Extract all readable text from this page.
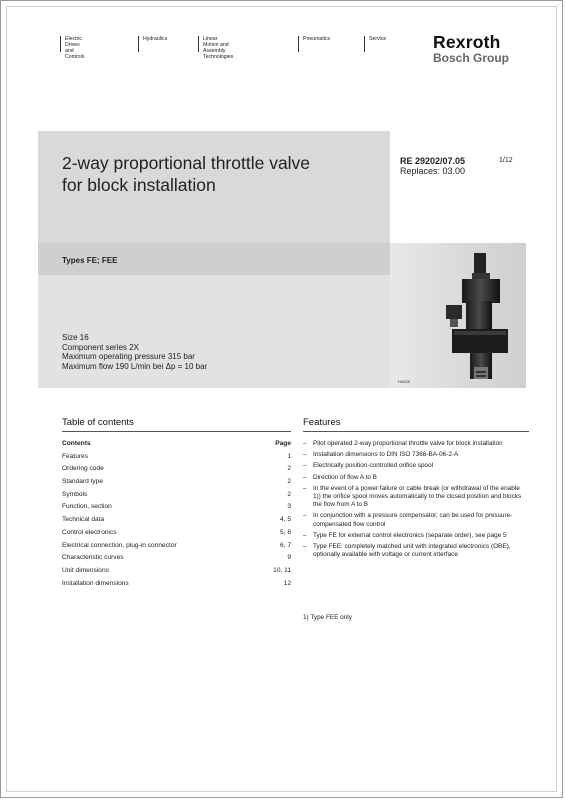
Electric Drives
and Controls
Hydraulics	Linear Motion and
Assembly Technologies
Pneumatics	Service	Rexroth
Bosch Group
2-way proportional throttle valve
for block installation
RE 29202/07.05
Replaces: 03.00
1/12
Types FE; FEE
Size 16
Component series 2X
Maximum operating pressure 315 bar
Maximum flow 190 L/min bei Δp = 10 bar
H4538
Table of contents
Contents	Page
Features	1
Ordering code	2
Standard type	2
Symbols	2
Function, section	3
Technical data	4, 5
Control electronics	5, 8
Electrical connection, plug-in connector	6, 7
Characteristic curves	9
Unit dimensions	10, 11
Installation dimensions	12
Features
– Pilot operated 2-way proportional throttle valve for block installation
– Installation dimensions to DIN ISO 7368-BA-06-2-A
– Electrically position-controlled orifice spool
– Direction of flow A to B
– In the event of a power failure or cable break (or withdrawal of the enable 1)) the orifice spool moves automatically to the closed position and blocks the flow from A to B
– In conjunction with a pressure compensator, can be used for pressure-compensated flow control
– Type FE for external control electronics (separate order), see page 5
– Type FEE: completely matched unit with integrated electronics (OBE), optionally available with voltage or current interface
1) Type FEE only
